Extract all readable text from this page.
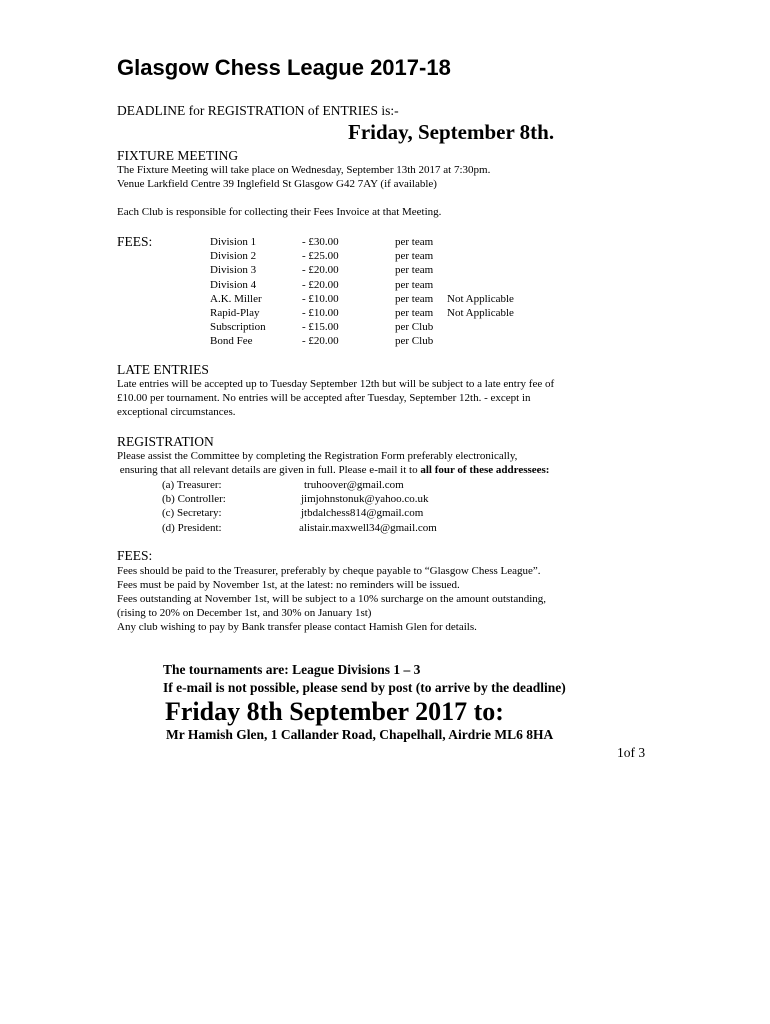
Glasgow Chess League 2017-18
DEADLINE for REGISTRATION of ENTRIES is:-
Friday, September 8th.
FIXTURE MEETING
The Fixture Meeting will take place on Wednesday, September 13th 2017 at 7:30pm.
Venue Larkfield Centre 39 Inglefield St Glasgow G42 7AY (if available)
Each Club is responsible for collecting their Fees Invoice at that Meeting.
FEES:	Division 1	- £30.00	per team
Division 2	- £25.00	per team
Division 3	- £20.00	per team
Division 4	- £20.00	per team
A.K. Miller	- £10.00	per team Not Applicable
Rapid-Play	- £10.00	per team Not Applicable
Subscription	- £15.00	per Club
Bond Fee	- £20.00	per Club
LATE ENTRIES
Late entries will be accepted up to Tuesday September 12th but will be subject to a late entry fee of
£10.00 per tournament. No entries will be accepted after Tuesday, September 12th. - except in
exceptional circumstances.
REGISTRATION
Please assist the Committee by completing the Registration Form preferably electronically,
ensuring that all relevant details are given in full. Please e-mail it to all four of these addressees:
(a) Treasurer:	truhoover@gmail.com
(b) Controller:	jimjohnstonuk@yahoo.co.uk
(c) Secretary:	jtbdalchess814@gmail.com
(d) President:	alistair.maxwell34@gmail.com
FEES:
Fees should be paid to the Treasurer, preferably by cheque payable to “Glasgow Chess League”.
Fees must be paid by November 1st, at the latest: no reminders will be issued.
Fees outstanding at November 1st, will be subject to a 10% surcharge on the amount outstanding,
(rising to 20% on December 1st, and 30% on January 1st)
Any club wishing to pay by Bank transfer please contact Hamish Glen for details.
The tournaments are: League Divisions 1 – 3
If e-mail is not possible, please send by post (to arrive by the deadline)
Friday 8th September 2017 to:
Mr Hamish Glen, 1 Callander Road, Chapelhall, Airdrie ML6 8HA
1of 3
